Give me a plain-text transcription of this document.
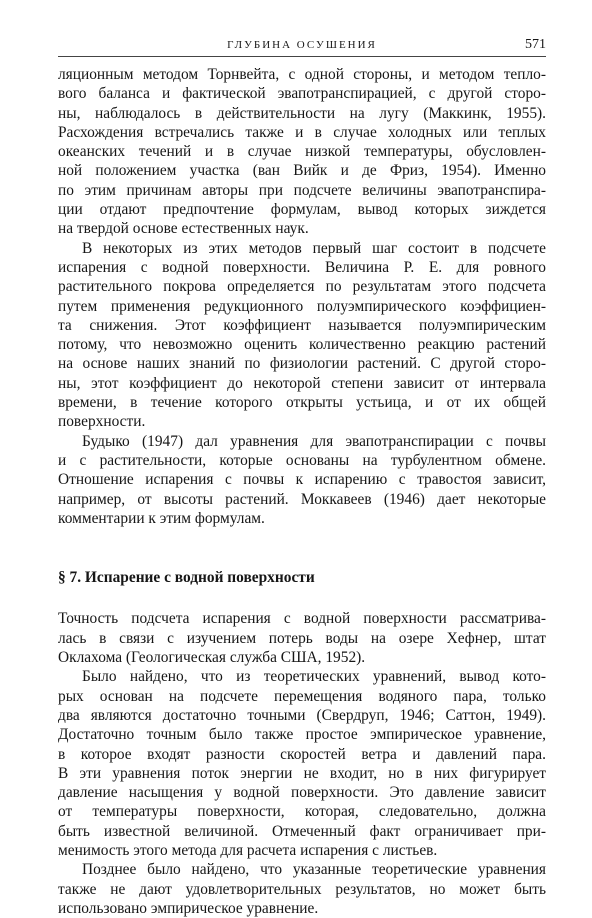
ГЛУБИНА ОСУШЕНИЯ	571

ляционным методом Торнвейта, с одной стороны, и методом тепло-

вого баланса и фактической эвапотранспирацией, с другой сторо-

ны, наблюдалось в действительности на лугу (Маккинк, 1955).

Расхождения встречались также и в случае холодных или теплых

океанских течений и в случае низкой температуры, обусловлен-

ной положением участка (ван Вийк и де Фриз, 1954). Именно

по этим причинам авторы при подсчете величины эвапотранспира-

ции отдают предпочтение формулам, вывод которых зиждется

на твердой основе естественных наук.

В некоторых из этих методов первый шаг состоит в подсчете

испарения с водной поверхности. Величина P. E. для ровного

растительного покрова определяется по результатам этого подсчета

путем применения редукционного полуэмпирического коэффициен-

та снижения. Этот коэффициент называется полуэмпирическим

потому, что невозможно оценить количественно реакцию растений

на основе наших знаний по физиологии растений. С другой сторо-

ны, этот коэффициент до некоторой степени зависит от интервала

времени, в течение которого открыты устьица, и от их общей

поверхности.

Будыко (1947) дал уравнения для эвапотранспирации с почвы

и с растительности, которые основаны на турбулентном обмене.

Отношение испарения с почвы к испарению с травостоя зависит,

например, от высоты растений. Моккавеев (1946) дает некоторые

комментарии к этим формулам.

§ 7. Испарение с водной поверхности

Точность подсчета испарения с водной поверхности рассматрива-

лась в связи с изучением потерь воды на озере Хефнер, штат

Оклахома (Геологическая служба США, 1952).

Было найдено, что из теоретических уравнений, вывод кото-

рых основан на подсчете перемещения водяного пара, только

два являются достаточно точными (Свердруп, 1946; Саттон, 1949).

Достаточно точным было также простое эмпирическое уравнение,

в которое входят разности скоростей ветра и давлений пара.

В эти уравнения поток энергии не входит, но в них фигурирует

давление насыщения у водной поверхности. Это давление зависит

от температуры поверхности, которая, следовательно, должна

быть известной величиной. Отмеченный факт ограничивает при-

менимость этого метода для расчета испарения с листьев.

Позднее было найдено, что указанные теоретические уравнения

также не дают удовлетворительных результатов, но может быть

использовано эмпирическое уравнение.
